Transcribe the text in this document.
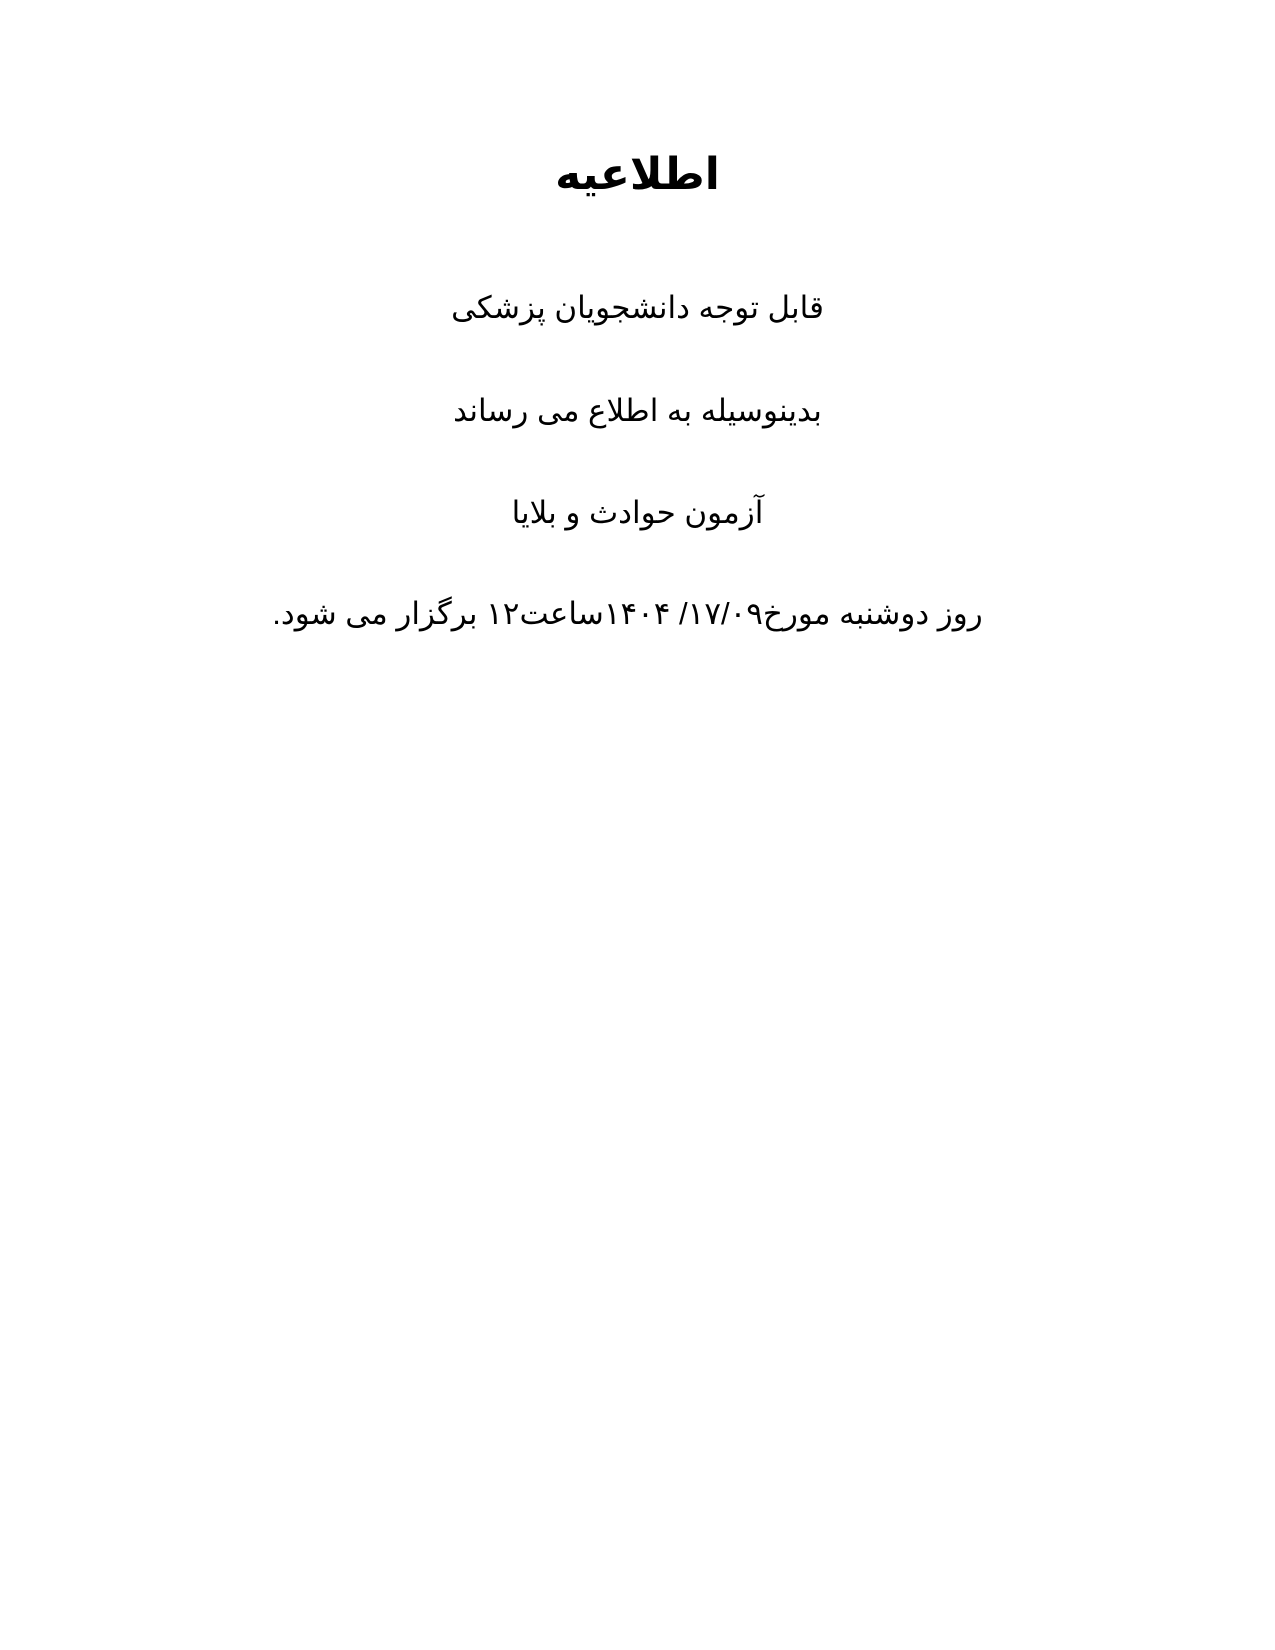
اطلاعیه
قابل توجه دانشجویان پزشکی
بدینوسیله به اطلاع می رساند
آزمون حوادث و بلایا
روز دوشنبه مورخ۱۷/۰۹/ ۱۴۰۴ساعت۱۲ برگزار می شود.
